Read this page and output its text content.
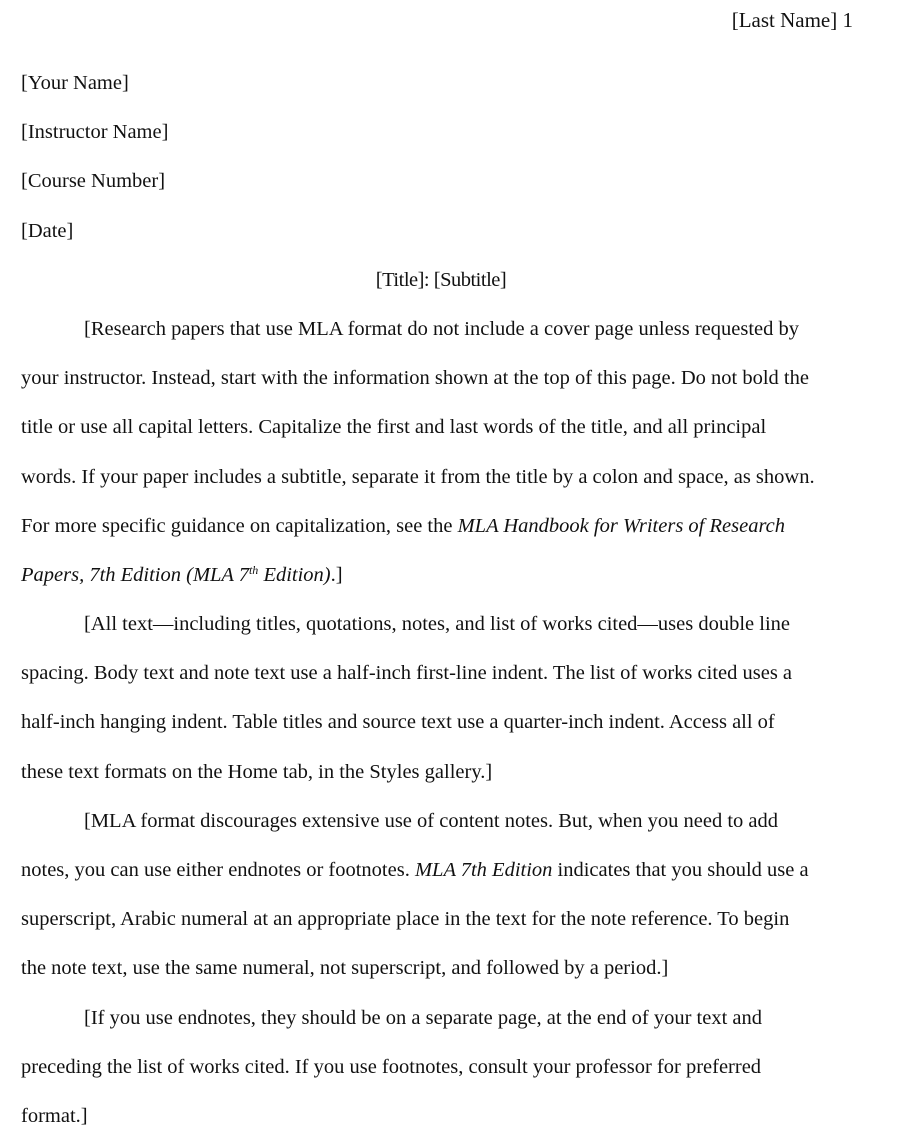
[Last Name] 1
[Your Name]
[Instructor Name]
[Course Number]
[Date]
[Title]: [Subtitle]
[Research papers that use MLA format do not include a cover page unless requested by
your instructor. Instead, start with the information shown at the top of this page. Do not bold the
title or use all capital letters. Capitalize the first and last words of the title, and all principal
words. If your paper includes a subtitle, separate it from the title by a colon and space, as shown.
For more specific guidance on capitalization, see the MLA Handbook for Writers of Research
Papers, 7th Edition (MLA 7th Edition).]
[All text—including titles, quotations, notes, and list of works cited—uses double line
spacing. Body text and note text use a half-inch first-line indent. The list of works cited uses a
half-inch hanging indent. Table titles and source text use a quarter-inch indent. Access all of
these text formats on the Home tab, in the Styles gallery.]
[MLA format discourages extensive use of content notes. But, when you need to add
notes, you can use either endnotes or footnotes. MLA 7th Edition indicates that you should use a
superscript, Arabic numeral at an appropriate place in the text for the note reference. To begin
the note text, use the same numeral, not superscript, and followed by a period.]
[If you use endnotes, they should be on a separate page, at the end of your text and
preceding the list of works cited. If you use footnotes, consult your professor for preferred
format.]
